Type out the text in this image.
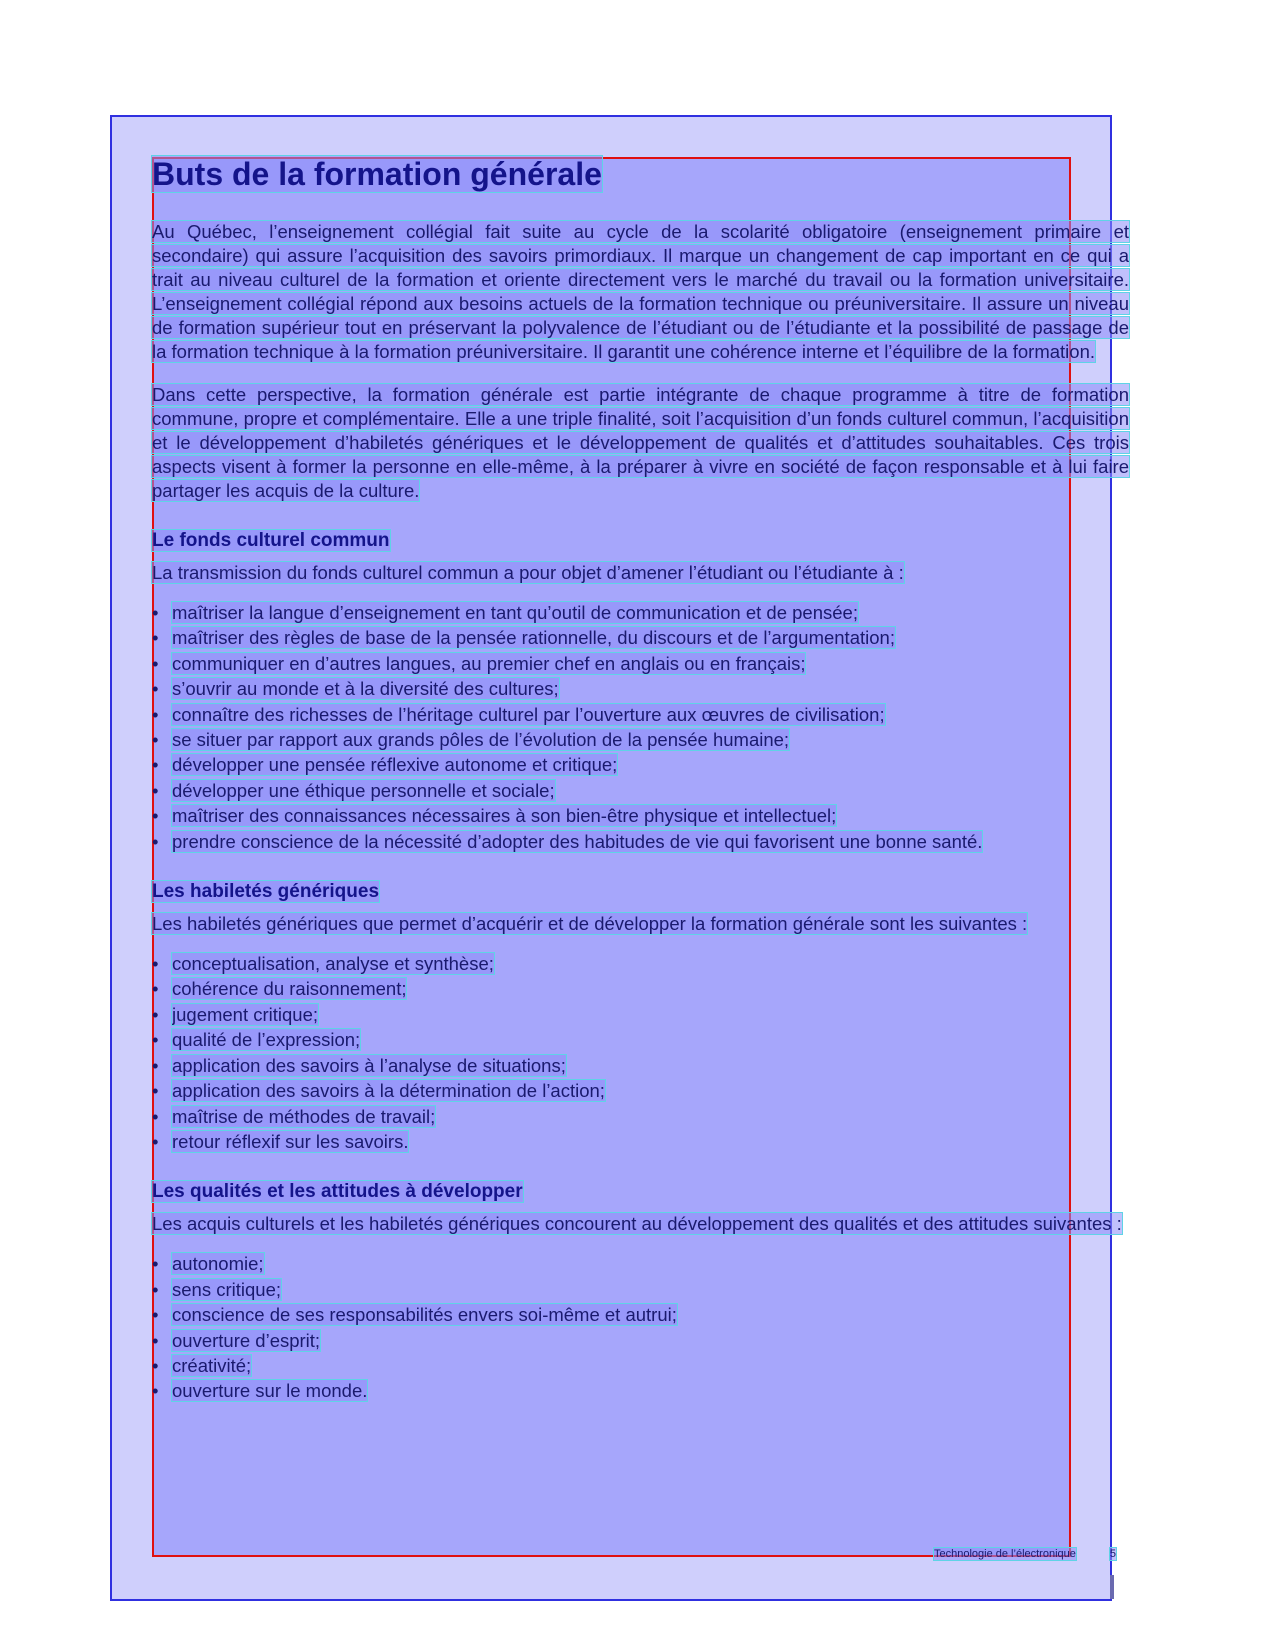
Buts de la formation générale

Au Québec, l’enseignement collégial fait suite au cycle de la scolarité obligatoire (enseignement primaire et secondaire) qui assure l’acquisition des savoirs primordiaux. Il marque un changement de cap important en ce qui a trait au niveau culturel de la formation et oriente directement vers le marché du travail ou la formation universitaire. L’enseignement collégial répond aux besoins actuels de la formation technique ou préuniversitaire. Il assure un niveau de formation supérieur tout en préservant la polyvalence de l’étudiant ou de l’étudiante et la possibilité de passage de la formation technique à la formation préuniversitaire. Il garantit une cohérence interne et l’équilibre de la formation.

Dans cette perspective, la formation générale est partie intégrante de chaque programme à titre de formation commune, propre et complémentaire. Elle a une triple finalité, soit l’acquisition d’un fonds culturel commun, l’acquisition et le développement d’habiletés génériques et le développement de qualités et d’attitudes souhaitables. Ces trois aspects visent à former la personne en elle-même, à la préparer à vivre en société de façon responsable et à lui faire partager les acquis de la culture.

Le fonds culturel commun

La transmission du fonds culturel commun a pour objet d’amener l’étudiant ou l’étudiante à :

• maîtriser la langue d’enseignement en tant qu’outil de communication et de pensée;
• maîtriser des règles de base de la pensée rationnelle, du discours et de l’argumentation;
• communiquer en d’autres langues, au premier chef en anglais ou en français;
• s’ouvrir au monde et à la diversité des cultures;
• connaître des richesses de l’héritage culturel par l’ouverture aux œuvres de civilisation;
• se situer par rapport aux grands pôles de l’évolution de la pensée humaine;
• développer une pensée réflexive autonome et critique;
• développer une éthique personnelle et sociale;
• maîtriser des connaissances nécessaires à son bien-être physique et intellectuel;
• prendre conscience de la nécessité d’adopter des habitudes de vie qui favorisent une bonne santé.
Les habiletés génériques

Les habiletés génériques que permet d’acquérir et de développer la formation générale sont les suivantes :

• conceptualisation, analyse et synthèse;
• cohérence du raisonnement;
• jugement critique;
• qualité de l’expression;
• application des savoirs à l’analyse de situations;
• application des savoirs à la détermination de l’action;
• maîtrise de méthodes de travail;
• retour réflexif sur les savoirs.
Les qualités et les attitudes à développer

Les acquis culturels et les habiletés génériques concourent au développement des qualités et des attitudes suivantes :

• autonomie;
• sens critique;
• conscience de ses responsabilités envers soi-même et autrui;
• ouverture d’esprit;
• créativité;
• ouverture sur le monde.
Technologie de l’électronique	5
